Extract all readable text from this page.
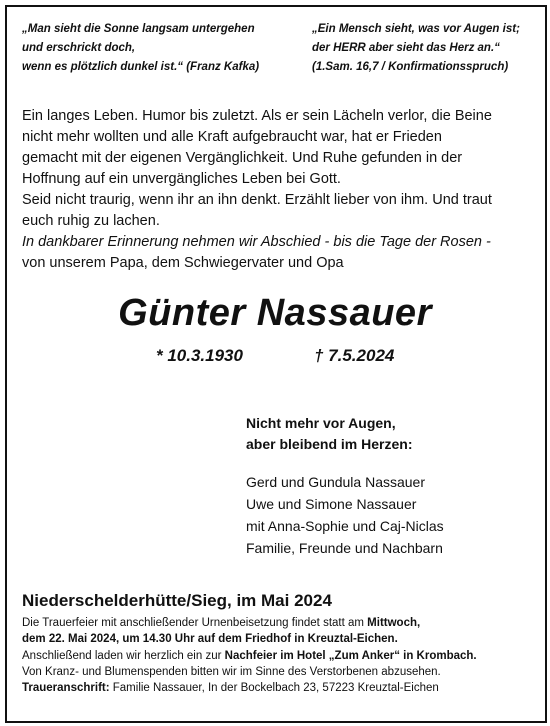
„Man sieht die Sonne langsam untergehen
und erschrickt doch,
wenn es plötzlich dunkel ist.“ (Franz Kafka)
„Ein Mensch sieht, was vor Augen ist;
der HERR aber sieht das Herz an.“
(1.Sam. 16,7 / Konfirmationsspruch)
Ein langes Leben. Humor bis zuletzt. Als er sein Lächeln verlor, die Beine
nicht mehr wollten und alle Kraft aufgebraucht war, hat er Frieden
gemacht mit der eigenen Vergänglichkeit. Und Ruhe gefunden in der
Hoffnung auf ein unvergängliches Leben bei Gott.
Seid nicht traurig, wenn ihr an ihn denkt. Erzählt lieber von ihm. Und traut
euch ruhig zu lachen.
In dankbarer Erinnerung nehmen wir Abschied - bis die Tage der Rosen -
von unserem Papa, dem Schwiegervater und Opa
Günter Nassauer
* 10.3.1930	† 7.5.2024
Nicht mehr vor Augen,
aber bleibend im Herzen:
Gerd und Gundula Nassauer
Uwe und Simone Nassauer
mit Anna-Sophie und Caj-Niclas
Familie, Freunde und Nachbarn
Niederschelderhütte/Sieg, im Mai 2024
Die Trauerfeier mit anschließender Urnenbeisetzung findet statt am Mittwoch,
dem 22. Mai 2024, um 14.30 Uhr auf dem Friedhof in Kreuztal-Eichen.
Anschließend laden wir herzlich ein zur Nachfeier im Hotel „Zum Anker“ in Krombach.
Von Kranz- und Blumenspenden bitten wir im Sinne des Verstorbenen abzusehen.
Traueranschrift: Familie Nassauer, In der Bockelbach 23, 57223 Kreuztal-Eichen
